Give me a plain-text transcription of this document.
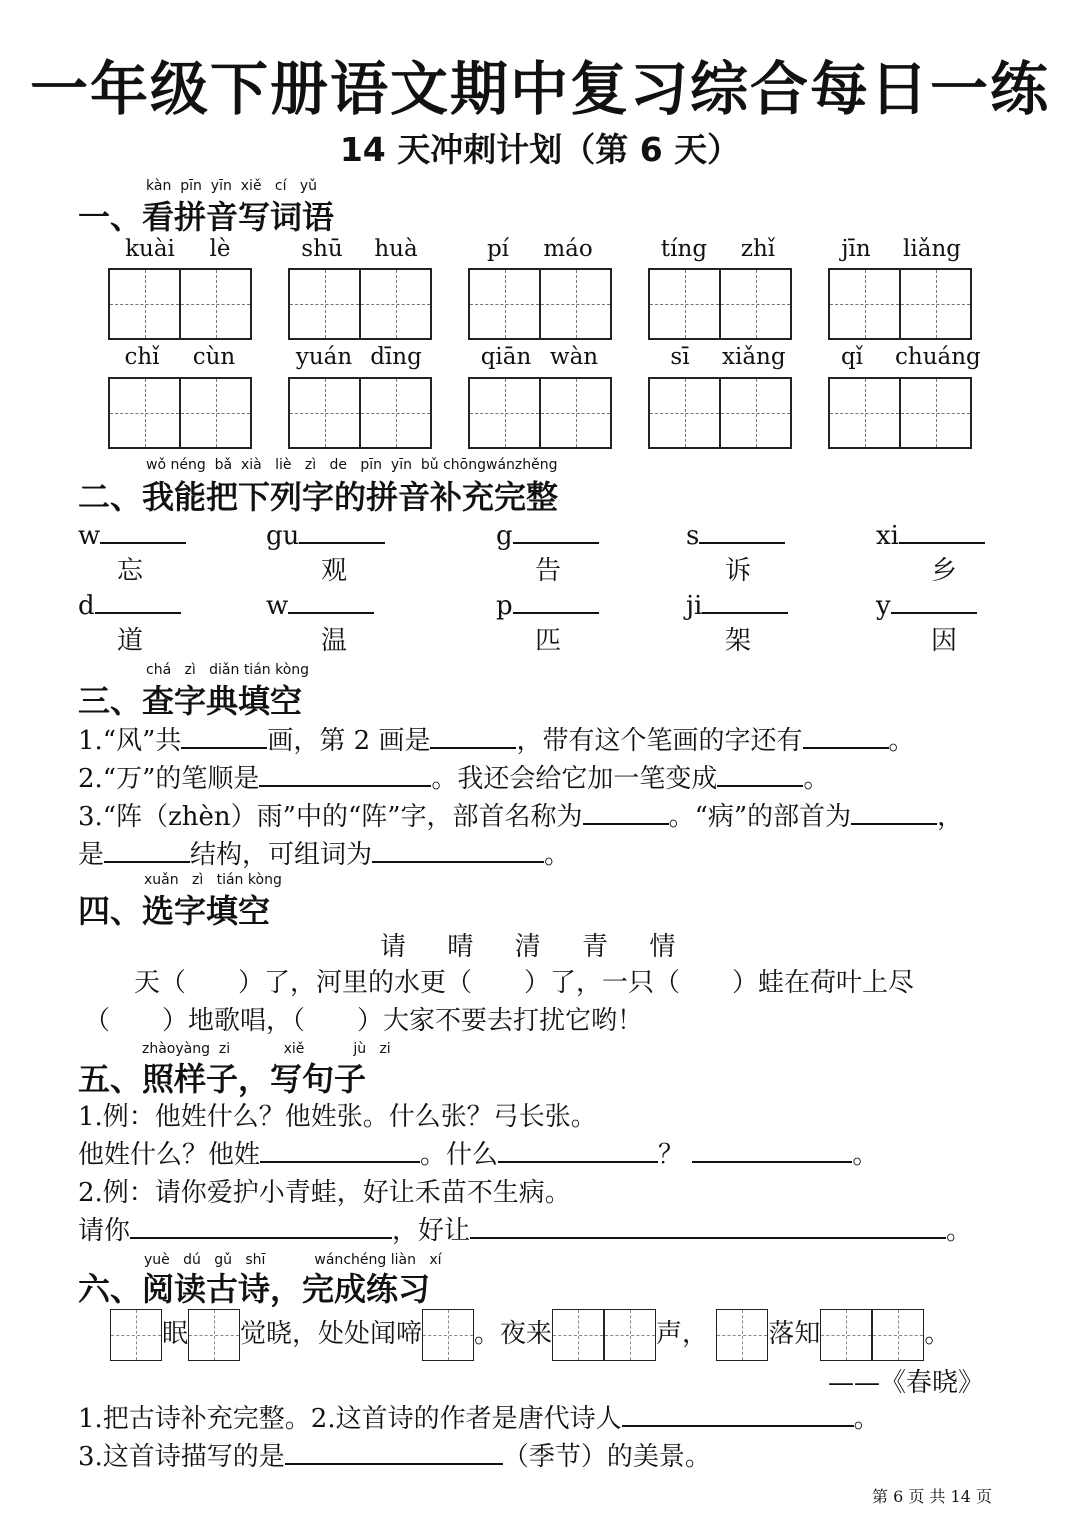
一年级下册语文期中复习综合每日一练
14 天冲刺计划（第 6 天）
kàn pīn yīn xiě cí yǔ
一、看拼音写词语
kuài	lè	shū	huà	pí	máo	tíng	zhǐ	jīn	liǎng
chǐ	cùn	yuán dīng	qiān wàn	sī	xiǎng	qǐ	chuáng
wǒ néng bǎ xià liè zì de pīn yīn bǔ chōngwánzhěng
二、我能把下列字的拼音补充完整
w	gu	g	s	xi
忘	观	告	诉	乡
d	w	p	ji	y
道	温	匹	架	因
chá zì diǎn tián kòng
三、查字典填空
1.“风”共	画，第 2 画是	，带有这个笔画的字还有	。
2.“万”的笔顺是	。我还会给它加一笔变成	。
3.“阵（zhèn）雨”中的“阵”字，部首名称为	。“病”的部首为	，
是	结构，可组词为	。
xuǎn zì tián kòng
四、选字填空
请 晴 清 青 情
天（　　）了，河里的水更（　　）了，一只（　　）蛙在荷叶上尽
（　　）地歌唱，（　　）大家不要去打扰它哟！
zhàoyàng zi	xiě	jù zi
五、照样子，写句子
1.例：他姓什么？他姓张。什么张？弓长张。
他姓什么？他姓	。什么	？	。
2.例：请你爱护小青蛙，好让禾苗不生病。
请你	，好让	。
yuè dú gǔ shī	wánchéng liàn xí
六、阅读古诗，完成练习
眠 觉晓，处处闻啼 。夜来	声， 落知	。
——《春晓》
1.把古诗补充完整。2.这首诗的作者是唐代诗人	。
3.这首诗描写的是	（季节）的美景。
第 6 页 共 14 页
